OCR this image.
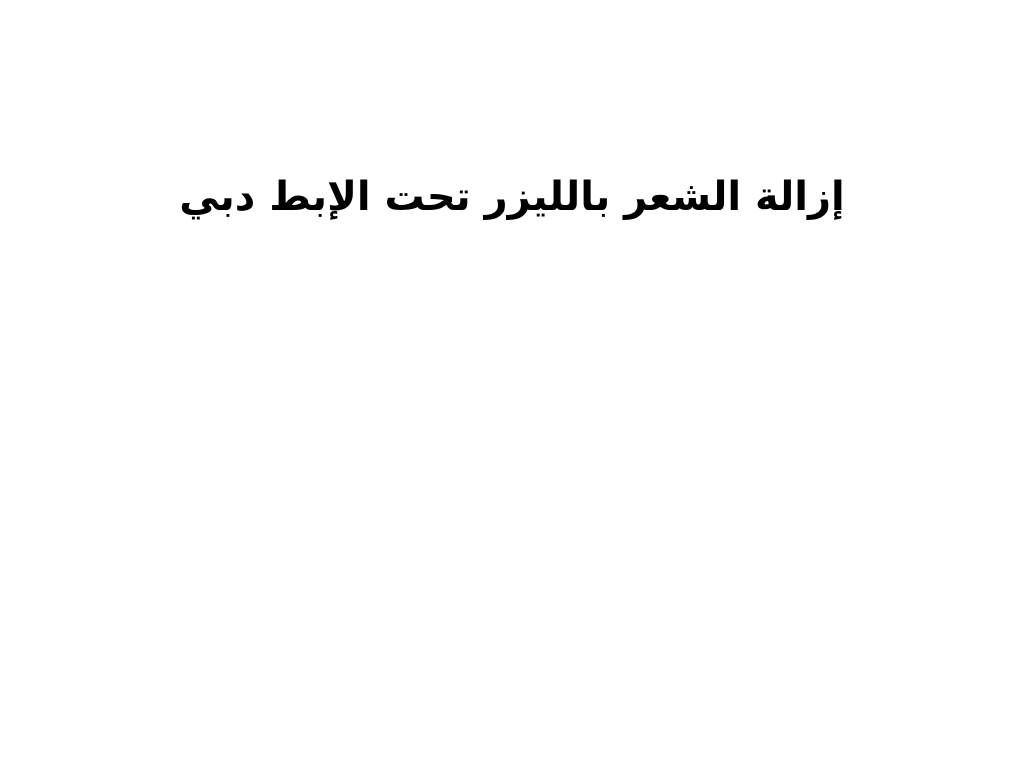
إزالة الشعر بالليزر تحت الإبط دبي
